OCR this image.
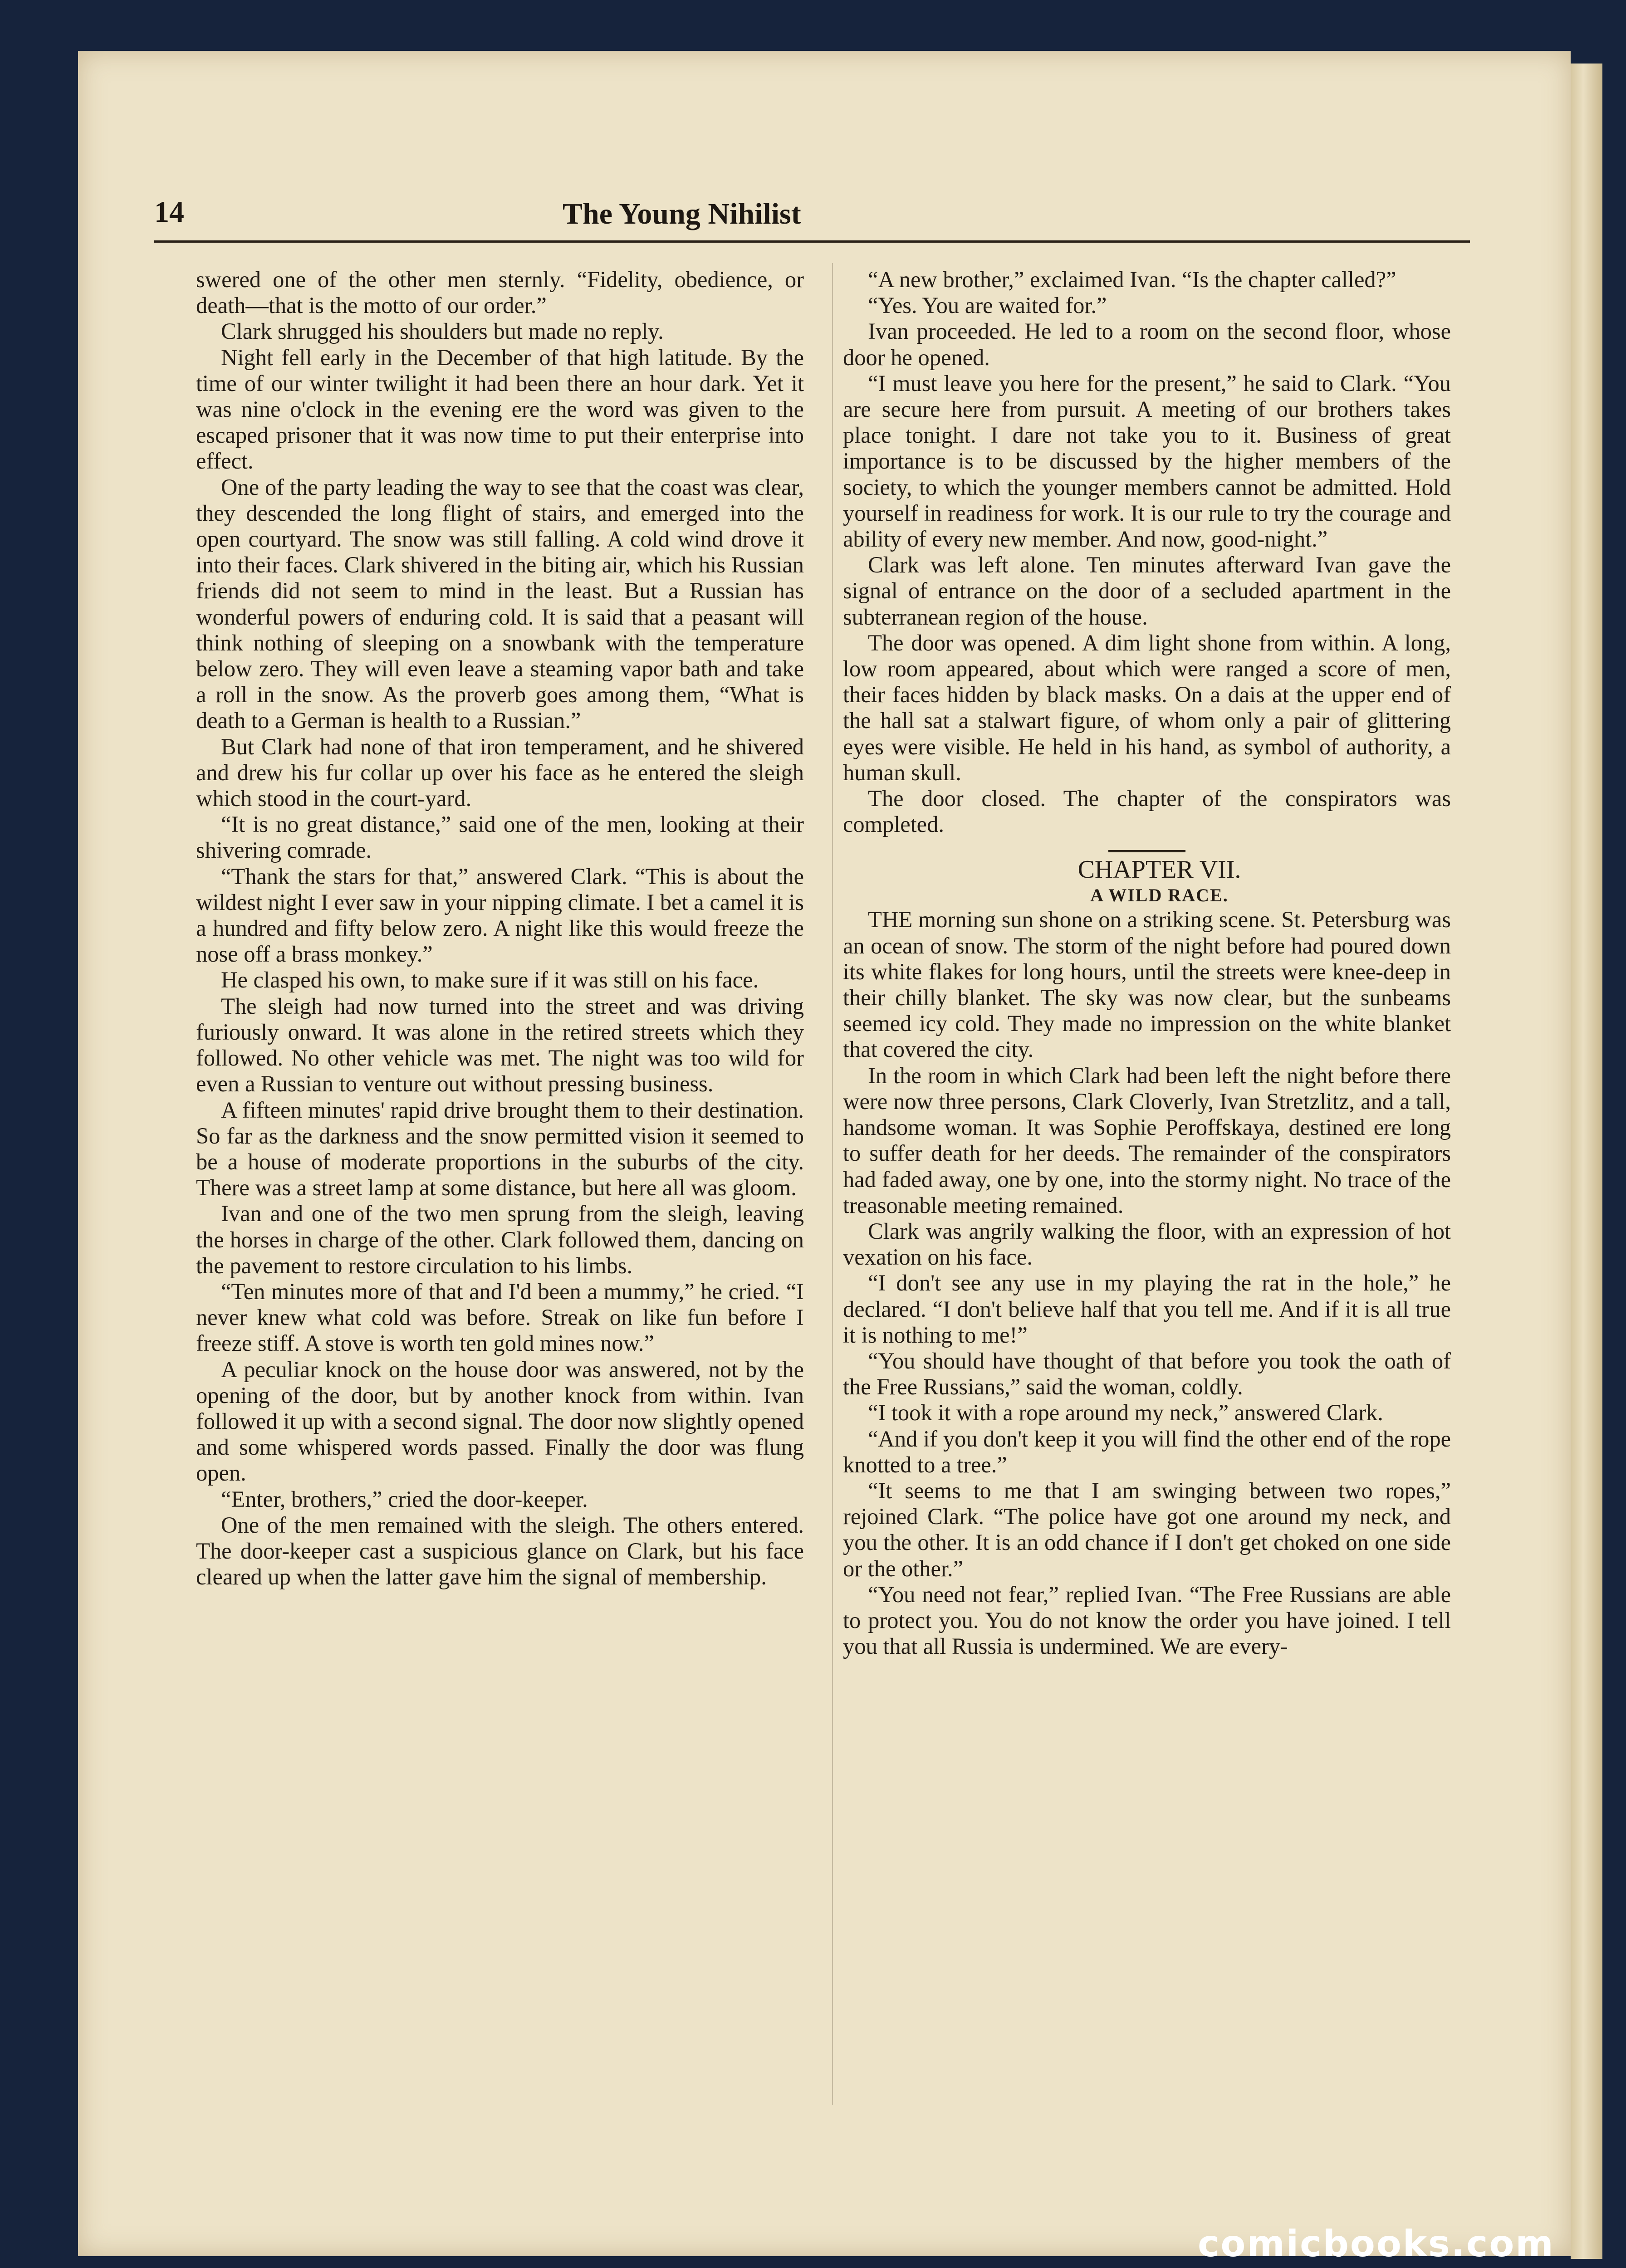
14	The Young Nihilist

swered one of the other men sternly. “Fidelity, obedience, or death—that is the motto of our order.”

Clark shrugged his shoulders but made no reply.

Night fell early in the December of that high latitude. By the time of our winter twilight it had been there an hour dark. Yet it was nine o'clock in the evening ere the word was given to the escaped prisoner that it was now time to put their enterprise into effect.

One of the party leading the way to see that the coast was clear, they descended the long flight of stairs, and emerged into the open courtyard. The snow was still falling. A cold wind drove it into their faces. Clark shivered in the biting air, which his Russian friends did not seem to mind in the least. But a Russian has wonderful powers of enduring cold. It is said that a peasant will think nothing of sleeping on a snowbank with the temperature below zero. They will even leave a steaming vapor bath and take a roll in the snow. As the proverb goes among them, “What is death to a German is health to a Russian.”

But Clark had none of that iron temperament, and he shivered and drew his fur collar up over his face as he entered the sleigh which stood in the court-yard.

“It is no great distance,” said one of the men, looking at their shivering comrade.

“Thank the stars for that,” answered Clark. “This is about the wildest night I ever saw in your nipping climate. I bet a camel it is a hundred and fifty below zero. A night like this would freeze the nose off a brass monkey.”

He clasped his own, to make sure if it was still on his face.

The sleigh had now turned into the street and was driving furiously onward. It was alone in the retired streets which they followed. No other vehicle was met. The night was too wild for even a Russian to venture out without pressing business.

A fifteen minutes' rapid drive brought them to their destination. So far as the darkness and the snow permitted vision it seemed to be a house of moderate proportions in the suburbs of the city. There was a street lamp at some distance, but here all was gloom.

Ivan and one of the two men sprung from the sleigh, leaving the horses in charge of the other. Clark followed them, dancing on the pavement to restore circulation to his limbs.

“Ten minutes more of that and I'd been a mummy,” he cried. “I never knew what cold was before. Streak on like fun before I freeze stiff. A stove is worth ten gold mines now.”

A peculiar knock on the house door was answered, not by the opening of the door, but by another knock from within. Ivan followed it up with a second signal. The door now slightly opened and some whispered words passed. Finally the door was flung open.

“Enter, brothers,” cried the door-keeper.

One of the men remained with the sleigh. The others entered. The door-keeper cast a suspicious glance on Clark, but his face cleared up when the latter gave him the signal of membership.

“A new brother,” exclaimed Ivan. “Is the chapter called?”

“Yes. You are waited for.”

Ivan proceeded. He led to a room on the second floor, whose door he opened.

“I must leave you here for the present,” he said to Clark. “You are secure here from pursuit. A meeting of our brothers takes place tonight. I dare not take you to it. Business of great importance is to be discussed by the higher members of the society, to which the younger members cannot be admitted. Hold yourself in readiness for work. It is our rule to try the courage and ability of every new member. And now, good-night.”

Clark was left alone. Ten minutes afterward Ivan gave the signal of entrance on the door of a secluded apartment in the subterranean region of the house.

The door was opened. A dim light shone from within. A long, low room appeared, about which were ranged a score of men, their faces hidden by black masks. On a dais at the upper end of the hall sat a stalwart figure, of whom only a pair of glittering eyes were visible. He held in his hand, as symbol of authority, a human skull.

The door closed. The chapter of the conspirators was completed.

CHAPTER VII.

A WILD RACE.

THE morning sun shone on a striking scene. St. Petersburg was an ocean of snow. The storm of the night before had poured down its white flakes for long hours, until the streets were knee-deep in their chilly blanket. The sky was now clear, but the sunbeams seemed icy cold. They made no impression on the white blanket that covered the city.

In the room in which Clark had been left the night before there were now three persons, Clark Cloverly, Ivan Stretzlitz, and a tall, handsome woman. It was Sophie Peroffskaya, destined ere long to suffer death for her deeds. The remainder of the conspirators had faded away, one by one, into the stormy night. No trace of the treasonable meeting remained.

Clark was angrily walking the floor, with an expression of hot vexation on his face.

“I don't see any use in my playing the rat in the hole,” he declared. “I don't believe half that you tell me. And if it is all true it is nothing to me!”

“You should have thought of that before you took the oath of the Free Russians,” said the woman, coldly.

“I took it with a rope around my neck,” answered Clark.

“And if you don't keep it you will find the other end of the rope knotted to a tree.”

“It seems to me that I am swinging between two ropes,” rejoined Clark. “The police have got one around my neck, and you the other. It is an odd chance if I don't get choked on one side or the other.”

“You need not fear,” replied Ivan. “The Free Russians are able to protect you. You do not know the order you have joined. I tell you that all Russia is undermined. We are every-

comicbooks.com
